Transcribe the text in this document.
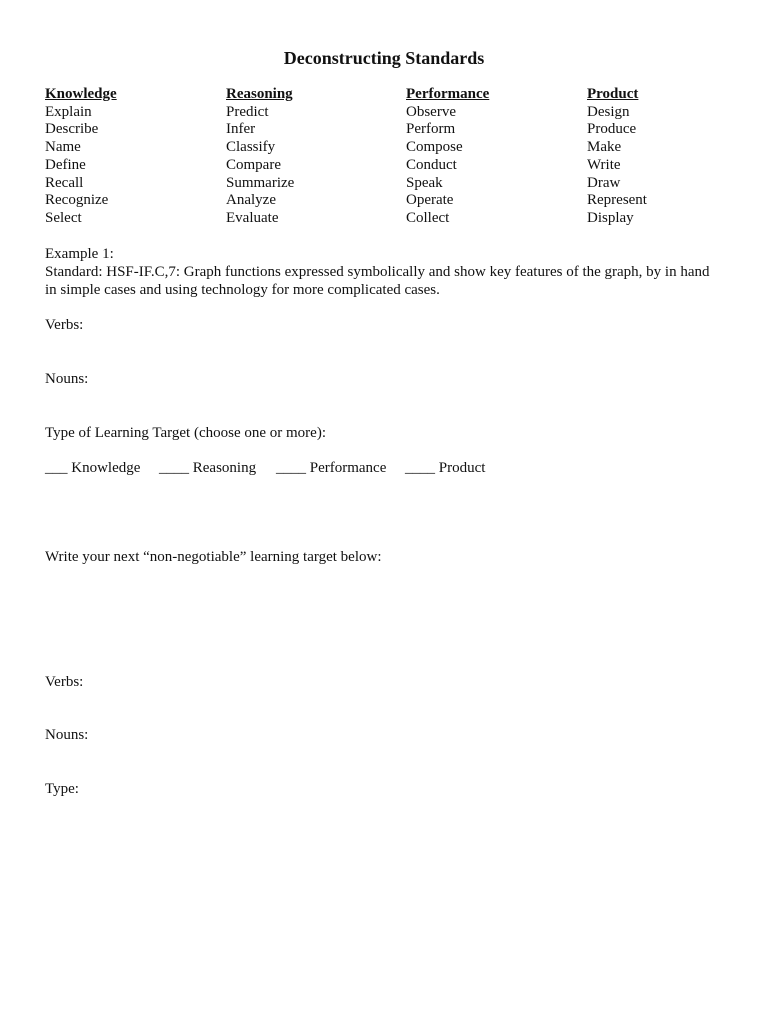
Deconstructing Standards
Knowledge
Explain
Describe
Name
Define
Recall
Recognize
Select
Reasoning
Predict
Infer
Classify
Compare
Summarize
Analyze
Evaluate
Performance
Observe
Perform
Compose
Conduct
Speak
Operate
Collect
Product
Design
Produce
Make
Write
Draw
Represent
Display
Example 1:
Standard: HSF-IF.C,7: Graph functions expressed symbolically and show key features of the graph, by in hand
in simple cases and using technology for more complicated cases.
Verbs:
Nouns:
Type of Learning Target (choose one or more):
___ Knowledge ____ Reasoning ____ Performance ____ Product
Write your next “non-negotiable” learning target below:
Verbs:
Nouns:
Type:
